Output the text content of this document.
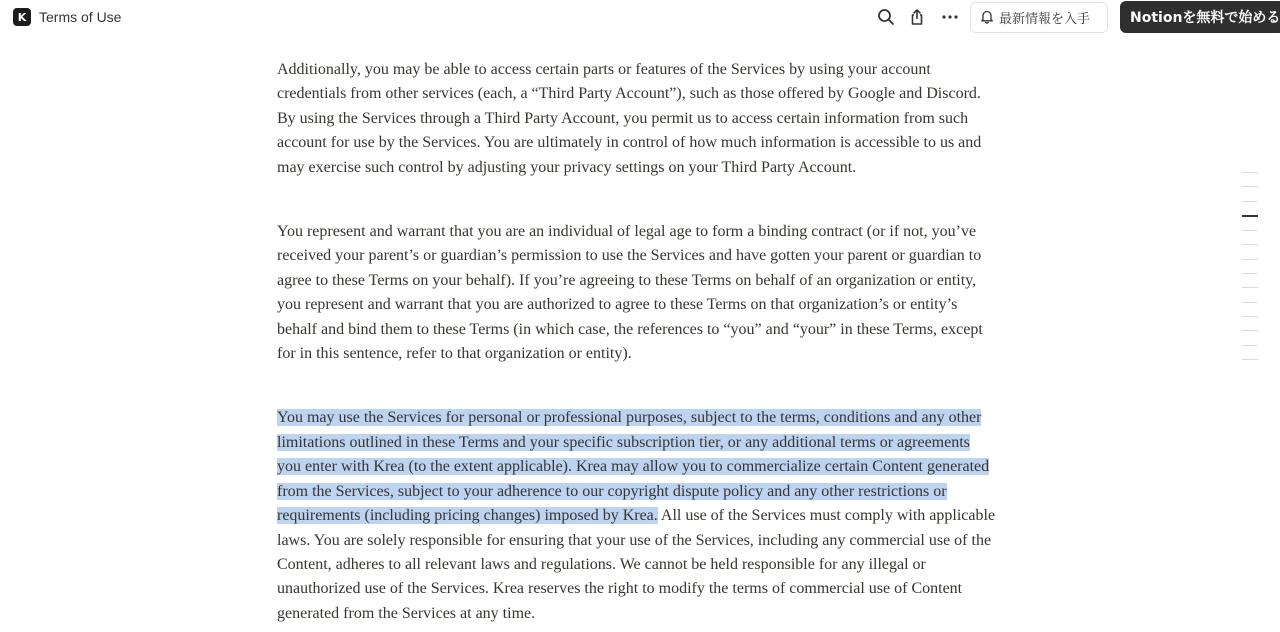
K Terms of Use	最新情報を入手	Notionを無料で始める

Additionally, you may be able to access certain parts or features of the Services by using your account credentials from other services (each, a “Third Party Account”), such as those offered by Google and Discord. By using the Services through a Third Party Account, you permit us to access certain information from such account for use by the Services. You are ultimately in control of how much information is accessible to us and may exercise such control by adjusting your privacy settings on your Third Party Account.

You represent and warrant that you are an individual of legal age to form a binding contract (or if not, you’ve received your parent’s or guardian’s permission to use the Services and have gotten your parent or guardian to agree to these Terms on your behalf). If you’re agreeing to these Terms on behalf of an organization or entity, you represent and warrant that you are authorized to agree to these Terms on that organization’s or entity’s behalf and bind them to these Terms (in which case, the references to “you” and “your” in these Terms, except for in this sentence, refer to that organization or entity).

You may use the Services for personal or professional purposes, subject to the terms, conditions and any other limitations outlined in these Terms and your specific subscription tier, or any additional terms or agreements you enter with Krea (to the extent applicable). Krea may allow you to commercialize certain Content generated from the Services, subject to your adherence to our copyright dispute policy and any other restrictions or requirements (including pricing changes) imposed by Krea. All use of the Services must comply with applicable laws. You are solely responsible for ensuring that your use of the Services, including any commercial use of the Content, adheres to all relevant laws and regulations. We cannot be held responsible for any illegal or unauthorized use of the Services. Krea reserves the right to modify the terms of commercial use of Content generated from the Services at any time.
